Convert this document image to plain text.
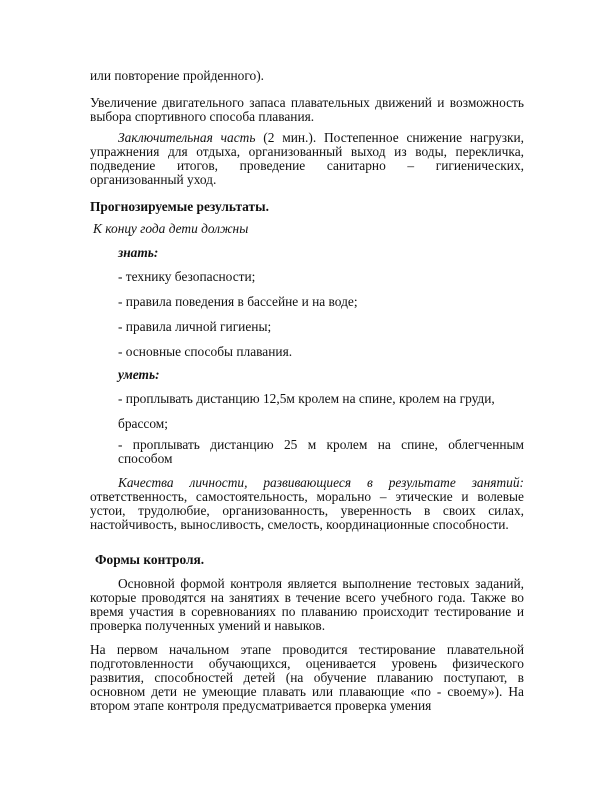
или повторение пройденного).

Увеличение двигательного запаса плавательных движений и возможность выбора спортивного способа плавания.

Заключительная часть (2 мин.). Постепенное снижение нагрузки, упражнения для отдыха, организованный выход из воды, перекличка, подведение итогов, проведение санитарно – гигиенических, организованный уход.

Прогнозируемые результаты.

К концу года дети должны

знать:

- технику безопасности;

- правила поведения в бассейне и на воде;

- правила личной гигиены;

- основные способы плавания.

уметь:

- проплывать дистанцию 12,5м кролем на спине, кролем на груди,

брассом;

- проплывать дистанцию 25 м кролем на спине, облегченным способом

Качества личности, развивающиеся в результате занятий: ответственность, самостоятельность, морально – этические и волевые устои, трудолюбие, организованность, уверенность в своих силах, настойчивость, выносливость, смелость, координационные способности.

Формы контроля.

Основной формой контроля является выполнение тестовых заданий, которые проводятся на занятиях в течение всего учебного года. Также во время участия в соревнованиях по плаванию происходит тестирование и проверка полученных умений и навыков.

На первом начальном этапе проводится тестирование плавательной подготовленности обучающихся, оценивается уровень физического развития, способностей детей (на обучение плаванию поступают, в основном дети не умеющие плавать или плавающие «по - своему»). На втором этапе контроля предусматривается проверка умения
